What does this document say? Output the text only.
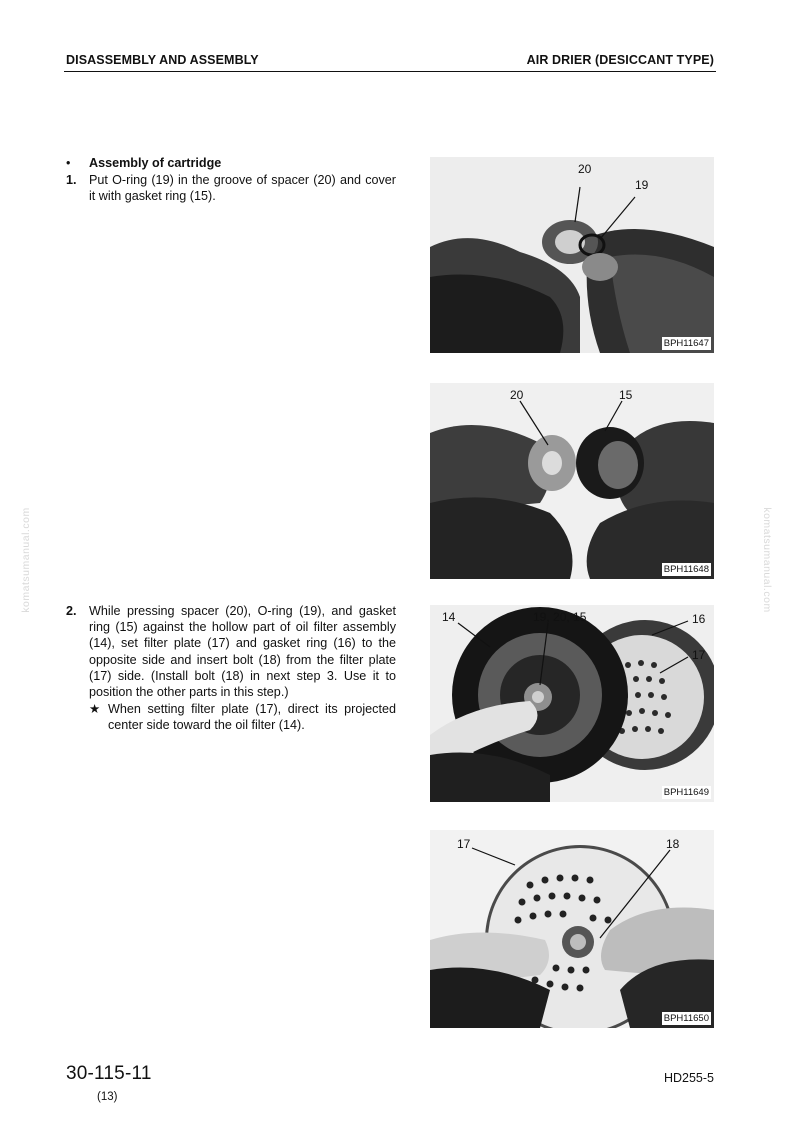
DISASSEMBLY AND ASSEMBLY	AIR DRIER (DESICCANT TYPE)
komatsumanual.com	komatsumanual.com
• Assembly of cartridge
1. Put O-ring (19) in the groove of spacer (20) and cover it with gasket ring (15).
2. While pressing spacer (20), O-ring (19), and gasket ring (15) against the hollow part of oil filter assembly (14), set filter plate (17) and gasket ring (16) to the opposite side and insert bolt (18) from the filter plate (17) side. (Install bolt (18) in next step 3. Use it to position the other parts in this step.)
★ When setting filter plate (17), direct its projected center side toward the oil filter (14).
20
19
BPH11647
20	15
BPH11648
14	19, 20, 15	16
17
BPH11649
17	18
BPH11650
30-115-11
(13)
HD255-5
